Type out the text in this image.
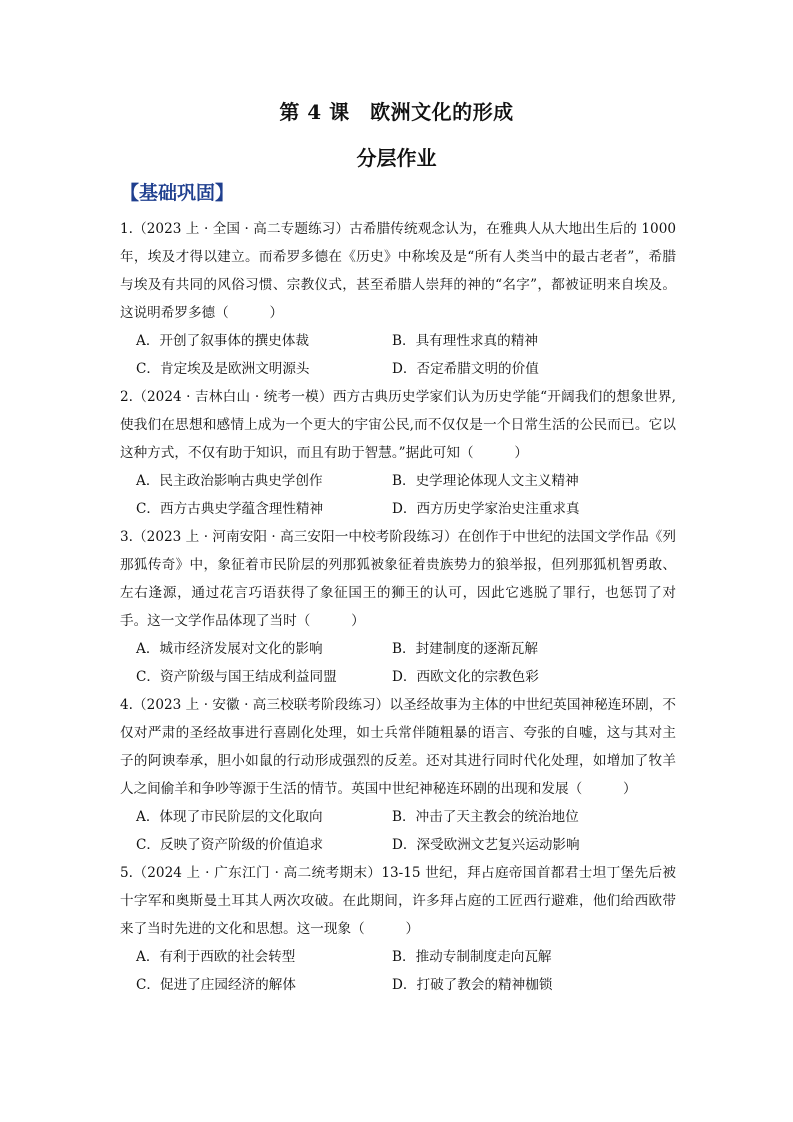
第 4 课　欧洲文化的形成
分层作业
【基础巩固】
1.（2023 上 · 全国 · 高二专题练习）古希腊传统观念认为，在雅典人从大地出生后的 1000 年，埃及才得以建立。而希罗多德在《历史》中称埃及是“所有人类当中的最古老者”，希腊与埃及有共同的风俗习惯、宗教仪式，甚至希腊人崇拜的神的“名字”，都被证明来自埃及。这说明希罗多德（　　　）
A．开创了叙事体的撰史体裁	B．具有理性求真的精神
C．肯定埃及是欧洲文明源头	D．否定希腊文明的价值
2.（2024 · 吉林白山 · 统考一模）西方古典历史学家们认为历史学能“开阔我们的想象世界,使我们在思想和感情上成为一个更大的宇宙公民,而不仅仅是一个日常生活的公民而已。它以这种方式，不仅有助于知识，而且有助于智慧。”据此可知（　　　）
A．民主政治影响古典史学创作	B．史学理论体现人文主义精神
C．西方古典史学蕴含理性精神	D．西方历史学家治史注重求真
3.（2023 上 · 河南安阳 · 高三安阳一中校考阶段练习）在创作于中世纪的法国文学作品《列那狐传奇》中，象征着市民阶层的列那狐被象征着贵族势力的狼举报，但列那狐机智勇敢、左右逢源，通过花言巧语获得了象征国王的狮王的认可，因此它逃脱了罪行，也惩罚了对手。这一文学作品体现了当时（　　　）
A．城市经济发展对文化的影响	B．封建制度的逐渐瓦解
C．资产阶级与国王结成利益同盟	D．西欧文化的宗教色彩
4.（2023 上 · 安徽 · 高三校联考阶段练习）以圣经故事为主体的中世纪英国神秘连环剧，不仅对严肃的圣经故事进行喜剧化处理，如士兵常伴随粗暴的语言、夸张的自嘘，这与其对主子的阿谀奉承，胆小如鼠的行动形成强烈的反差。还对其进行同时代化处理，如增加了牧羊人之间偷羊和争吵等源于生活的情节。英国中世纪神秘连环剧的出现和发展（　　　）
A．体现了市民阶层的文化取向	B．冲击了天主教会的统治地位
C．反映了资产阶级的价值追求	D．深受欧洲文艺复兴运动影响
5.（2024 上 · 广东江门 · 高二统考期末）13-15 世纪，拜占庭帝国首都君士坦丁堡先后被十字军和奥斯曼土耳其人两次攻破。在此期间，许多拜占庭的工匠西行避难，他们给西欧带来了当时先进的文化和思想。这一现象（　　　）
A．有利于西欧的社会转型	B．推动专制制度走向瓦解
C．促进了庄园经济的解体	D．打破了教会的精神枷锁
